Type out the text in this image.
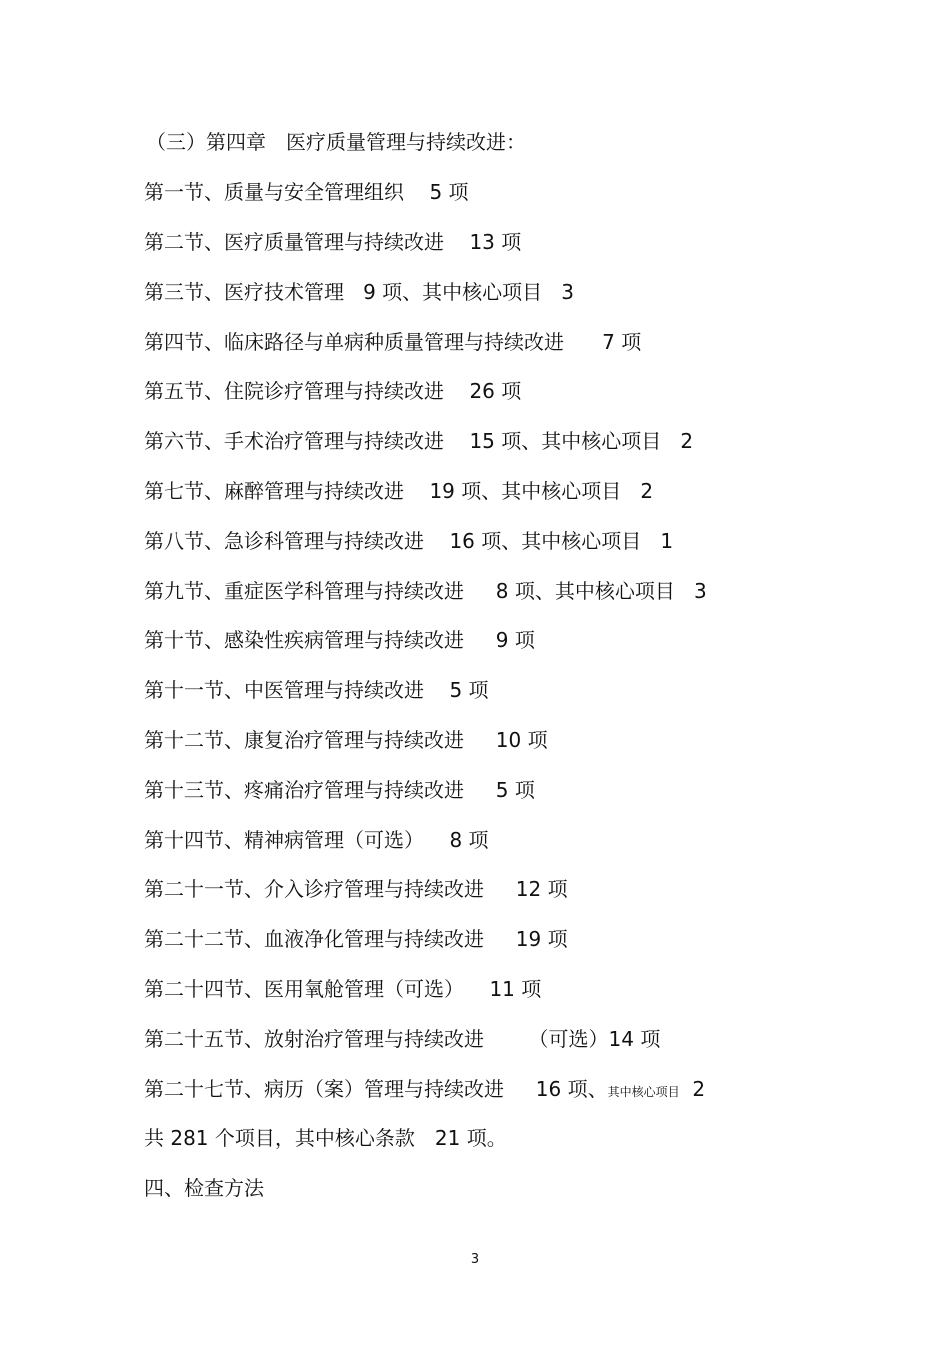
（三）第四章　医疗质量管理与持续改进：
第一节、质量与安全管理组织 5 项
第二节、医疗质量管理与持续改进 13 项
第三节、医疗技术管理 9 项、其中核心项目 3
第四节、临床路径与单病种质量管理与持续改进 7 项
第五节、住院诊疗管理与持续改进 26 项
第六节、手术治疗管理与持续改进 15 项、其中核心项目 2
第七节、麻醉管理与持续改进 19 项、其中核心项目 2
第八节、急诊科管理与持续改进 16 项、其中核心项目 1
第九节、重症医学科管理与持续改进 8 项、其中核心项目 3
第十节、感染性疾病管理与持续改进 9 项
第十一节、中医管理与持续改进 5 项
第十二节、康复治疗管理与持续改进 10 项
第十三节、疼痛治疗管理与持续改进 5 项
第十四节、精神病管理（可选） 8 项
第二十一节、介入诊疗管理与持续改进 12 项
第二十二节、血液净化管理与持续改进 19 项
第二十四节、医用氧舱管理（可选） 11 项
第二十五节、放射治疗管理与持续改进 （可选）14 项
第二十七节、病历（案）管理与持续改进 16 项、其中核心项目 2
共 281 个项目，其中核心条款　21 项。
四、检查方法
3
